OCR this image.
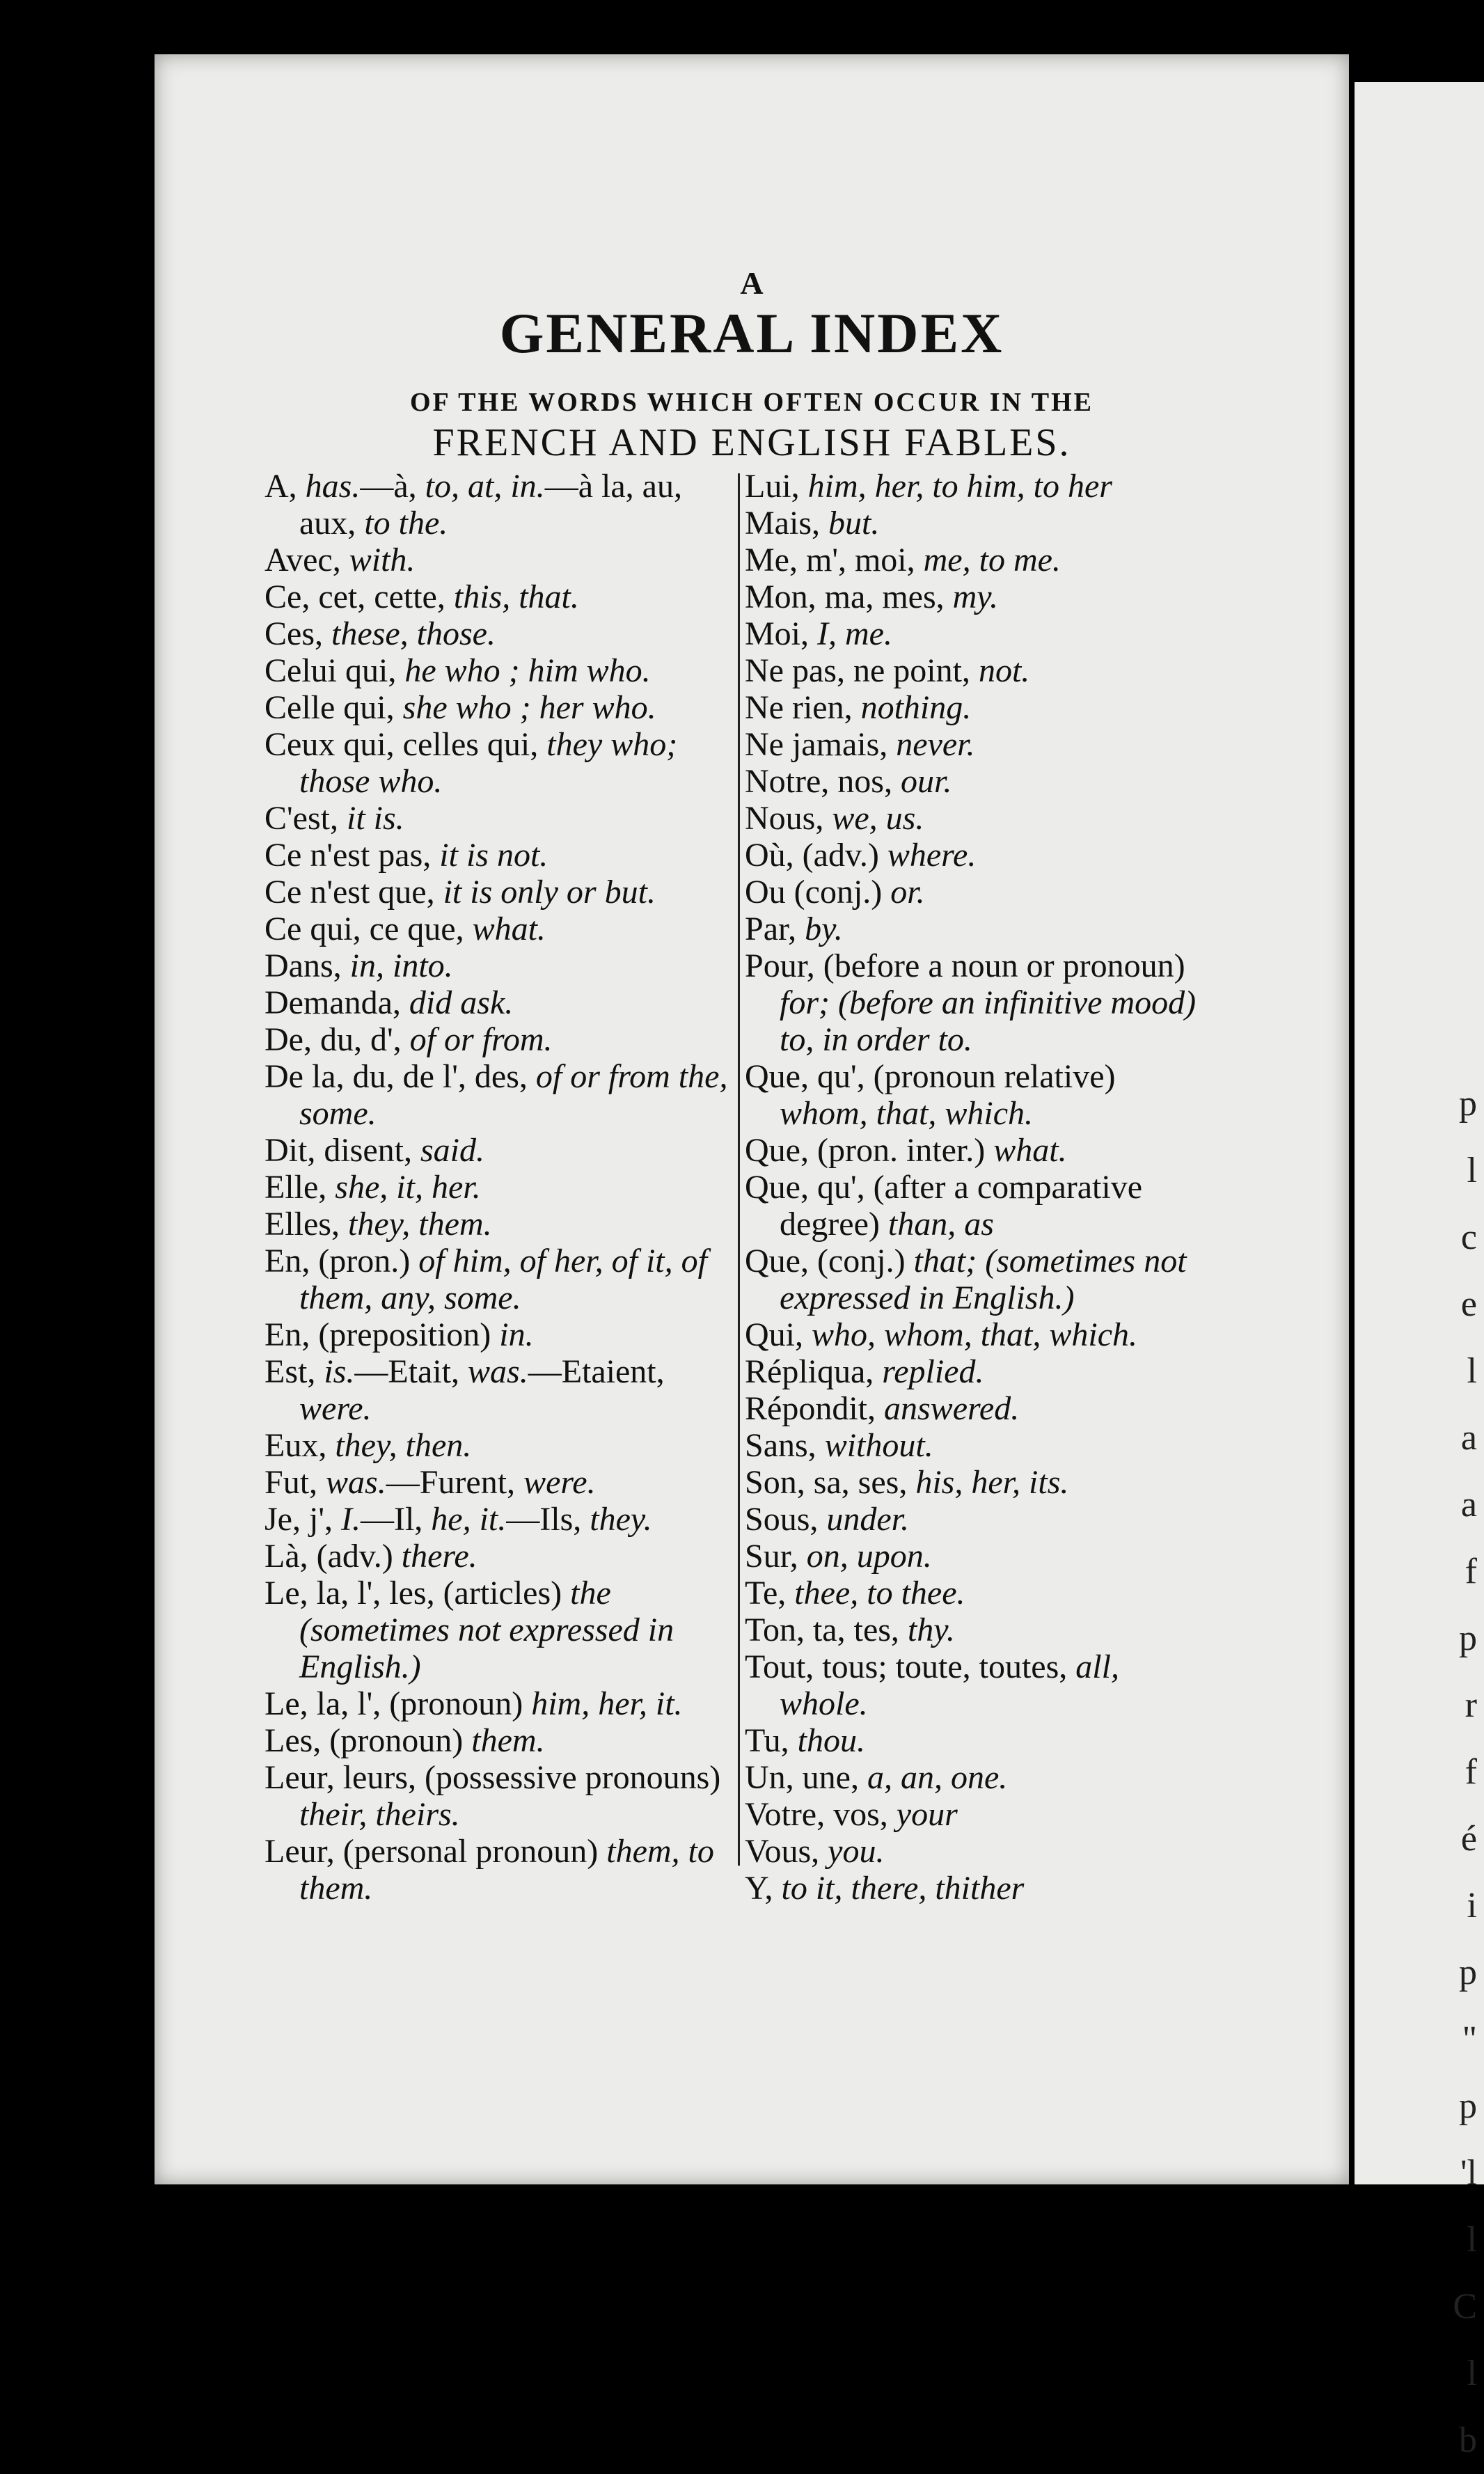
p
l
c
e
l
a
a
f
p
r
f
é
i
p
"
p
'l
l
C
l
b
A
GENERAL INDEX
OF THE WORDS WHICH OFTEN OCCUR IN THE
FRENCH AND ENGLISH FABLES.
A, has.—à, to, at, in.—à la, au, aux, to the.
Avec, with.
Ce, cet, cette, this, that.
Ces, these, those.
Celui qui, he who ; him who.
Celle qui, she who ; her who.
Ceux qui, celles qui, they who; those who.
C'est, it is.
Ce n'est pas, it is not.
Ce n'est que, it is only or but.
Ce qui, ce que, what.
Dans, in, into.
Demanda, did ask.
De, du, d', of or from.
De la, du, de l', des, of or from the, some.
Dit, disent, said.
Elle, she, it, her.
Elles, they, them.
En, (pron.) of him, of her, of it, of them, any, some.
En, (preposition) in.
Est, is.—Etait, was.—Etaient, were.
Eux, they, then.
Fut, was.—Furent, were.
Je, j', I.—Il, he, it.—Ils, they.
Là, (adv.) there.
Le, la, l', les, (articles) the (sometimes not expressed in English.)
Le, la, l', (pronoun) him, her, it.
Les, (pronoun) them.
Leur, leurs, (possessive pronouns) their, theirs.
Leur, (personal pronoun) them, to them.
Lui, him, her, to him, to her
Mais, but.
Me, m', moi, me, to me.
Mon, ma, mes, my.
Moi, I, me.
Ne pas, ne point, not.
Ne rien, nothing.
Ne jamais, never.
Notre, nos, our.
Nous, we, us.
Où, (adv.) where.
Ou (conj.) or.
Par, by.
Pour, (before a noun or pronoun) for; (before an infinitive mood) to, in order to.
Que, qu', (pronoun relative) whom, that, which.
Que, (pron. inter.) what.
Que, qu', (after a comparative degree) than, as
Que, (conj.) that; (sometimes not expressed in English.)
Qui, who, whom, that, which.
Répliqua, replied.
Répondit, answered.
Sans, without.
Son, sa, ses, his, her, its.
Sous, under.
Sur, on, upon.
Te, thee, to thee.
Ton, ta, tes, thy.
Tout, tous; toute, toutes, all, whole.
Tu, thou.
Un, une, a, an, one.
Votre, vos, your
Vous, you.
Y, to it, there, thither
